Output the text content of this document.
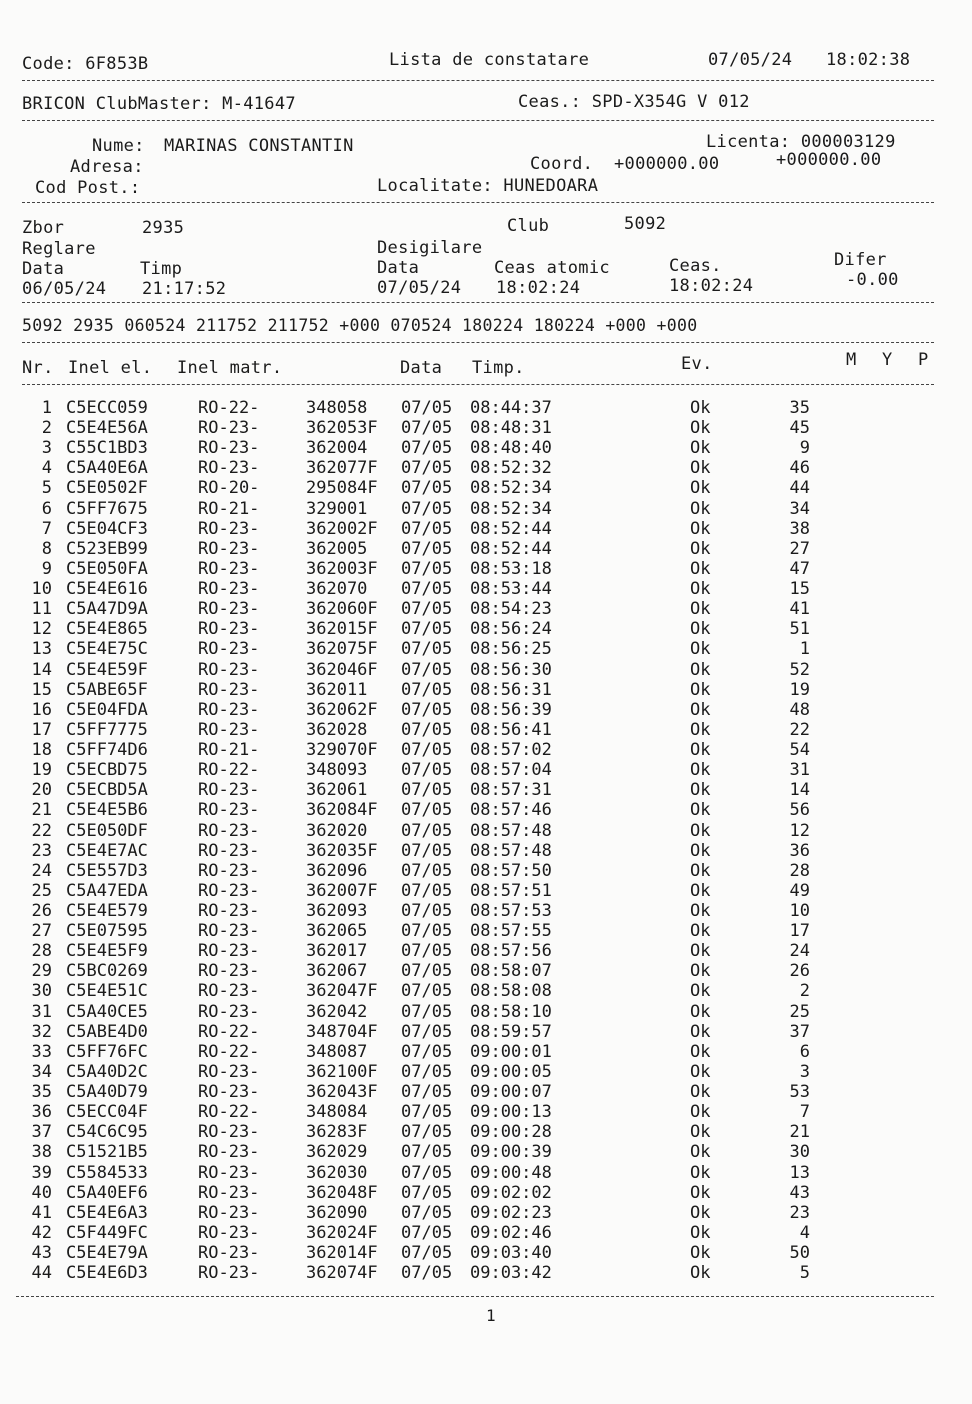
Code: 6F853B	Lista de constatare	07/05/24 18:02:38
BRICON ClubMaster: M-41647	Ceas.: SPD-X354G V 012
Nume: MARINAS CONSTANTIN	Licenta: 000003129
Adresa:	Coord. +000000.00	+000000.00
Cod Post.:	Localitate: HUNEDOARA
Zbor	2935	Club	5092
Reglare	Desigilare
Data	Timp	Data	Ceas atomic	Ceas.	Difer
06/05/24 21:17:52	07/05/24 18:02:24	18:02:24	-0.00
5092 2935 060524 211752 211752 +000 070524 180224 180224 +000 +000
Nr. Inel el. Inel matr.	Data Timp.	Ev.	M Y P
1 C5ECC059	RO-22-	348058 07/05 08:44:37	Ok	35
2 C5E4E56A	RO-23-	362053F 07/05 08:48:31	Ok	45
3 C55C1BD3	RO-23-	362004 07/05 08:48:40	Ok	9
4 C5A40E6A	RO-23-	362077F 07/05 08:52:32	Ok	46
5 C5E0502F	RO-20-	295084F 07/05 08:52:34	Ok	44
6 C5FF7675	RO-21-	329001 07/05 08:52:34	Ok	34
7 C5E04CF3	RO-23-	362002F 07/05 08:52:44	Ok	38
8 C523EB99	RO-23-	362005 07/05 08:52:44	Ok	27
9 C5E050FA	RO-23-	362003F 07/05 08:53:18	Ok	47
10 C5E4E616	RO-23-	362070 07/05 08:53:44	Ok	15
11 C5A47D9A	RO-23-	362060F 07/05 08:54:23	Ok	41
12 C5E4E865	RO-23-	362015F 07/05 08:56:24	Ok	51
13 C5E4E75C	RO-23-	362075F 07/05 08:56:25	Ok	1
14 C5E4E59F	RO-23-	362046F 07/05 08:56:30	Ok	52
15 C5ABE65F	RO-23-	362011 07/05 08:56:31	Ok	19
16 C5E04FDA	RO-23-	362062F 07/05 08:56:39	Ok	48
17 C5FF7775	RO-23-	362028 07/05 08:56:41	Ok	22
18 C5FF74D6	RO-21-	329070F 07/05 08:57:02	Ok	54
19 C5ECBD75	RO-22-	348093 07/05 08:57:04	Ok	31
20 C5ECBD5A	RO-23-	362061 07/05 08:57:31	Ok	14
21 C5E4E5B6	RO-23-	362084F 07/05 08:57:46	Ok	56
22 C5E050DF	RO-23-	362020 07/05 08:57:48	Ok	12
23 C5E4E7AC	RO-23-	362035F 07/05 08:57:48	Ok	36
24 C5E557D3	RO-23-	362096 07/05 08:57:50	Ok	28
25 C5A47EDA	RO-23-	362007F 07/05 08:57:51	Ok	49
26 C5E4E579	RO-23-	362093 07/05 08:57:53	Ok	10
27 C5E07595	RO-23-	362065 07/05 08:57:55	Ok	17
28 C5E4E5F9	RO-23-	362017 07/05 08:57:56	Ok	24
29 C5BC0269	RO-23-	362067 07/05 08:58:07	Ok	26
30 C5E4E51C	RO-23-	362047F 07/05 08:58:08	Ok	2
31 C5A40CE5	RO-23-	362042 07/05 08:58:10	Ok	25
32 C5ABE4D0	RO-22-	348704F 07/05 08:59:57	Ok	37
33 C5FF76FC	RO-22-	348087 07/05 09:00:01	Ok	6
34 C5A40D2C	RO-23-	362100F 07/05 09:00:05	Ok	3
35 C5A40D79	RO-23-	362043F 07/05 09:00:07	Ok	53
36 C5ECC04F	RO-22-	348084 07/05 09:00:13	Ok	7
37 C54C6C95	RO-23-	36283F 07/05 09:00:28	Ok	21
38 C51521B5	RO-23-	362029 07/05 09:00:39	Ok	30
39 C5584533	RO-23-	362030 07/05 09:00:48	Ok	13
40 C5A40EF6	RO-23-	362048F 07/05 09:02:02	Ok	43
41 C5E4E6A3	RO-23-	362090 07/05 09:02:23	Ok	23
42 C5F449FC	RO-23-	362024F 07/05 09:02:46	Ok	4
43 C5E4E79A	RO-23-	362014F 07/05 09:03:40	Ok	50
44 C5E4E6D3	RO-23-	362074F 07/05 09:03:42	Ok	5
1
